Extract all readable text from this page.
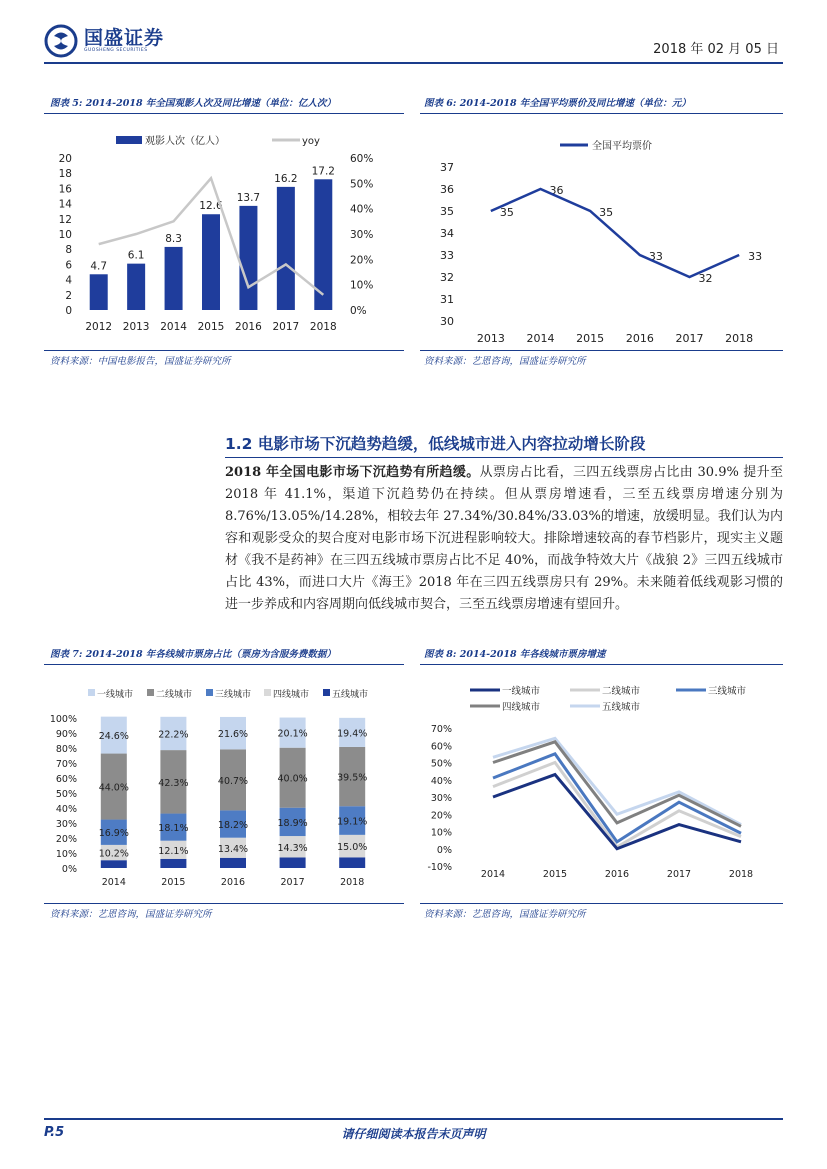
国盛证券
GUOSHENG SECURITIES	2018 年 02 月 05 日
图表 5: 2014-2018 年全国观影人次及同比增速（单位：亿人次）	图表 6: 2014-2018 年全国平均票价及同比增速（单位：元）
观影人次（亿人）	yoy
0
2
4
6
8
10
12
14
16
18
20
0%
10%
20%
30%
40%
50%
60%
4.7
2012
6.1
2013
8.3
2014
12.6
2015
13.7
2016
16.2
2017
17.2
2018
全国平均票价
30
31
32
33
34
35
36
37
2013
35
2014
36
2015
35
2016
33
2017
32
2018
33
资料来源：中国电影报告，国盛证券研究所	资料来源：艺恩咨询，国盛证券研究所
1.2 电影市场下沉趋势趋缓，低线城市进入内容拉动增长阶段
2018 年全国电影市场下沉趋势有所趋缓。从票房占比看，三四五线票房占比由 30.9% 提升至 2018 年 41.1%，渠道下沉趋势仍在持续。但从票房增速看，三至五线票房增速分别为 8.76%/13.05%/14.28%，相较去年 27.34%/30.84%/33.03%的增速，放缓明显。我们认为内容和观影受众的契合度对电影市场下沉进程影响较大。排除增速较高的春节档影片，现实主义题材《我不是药神》在三四五线城市票房占比不足 40%，而战争特效大片《战狼 2》三四五线城市占比 43%，而进口大片《海王》2018 年在三四五线票房只有 29%。未来随着低线观影习惯的进一步养成和内容周期向低线城市契合，三至五线票房增速有望回升。
图表 7: 2014-2018 年各线城市票房占比（票房为含服务费数据）	图表 8: 2014-2018 年各线城市票房增速
一线城市	二线城市	三线城市 四线城市	五线城市
0%
10%
20%
30%
40%
50%
60%
70%
80%
90%
100%
10.2%
16.9%
44.0%
24.6%
2014
12.1%
18.1%
42.3%
22.2%
2015
13.4%
18.2%
40.7%
21.6%
2016
14.3%
18.9%
40.0%
20.1%
2017
15.0%
19.1%
39.5%
19.4%
2018
一线城市	二线城市	三线城市
四线城市	五线城市
-10%
0%
10%
20%
30%
40%
50%
60%
70%
2014	2015	2016	2017	2018
资料来源：艺恩咨询，国盛证券研究所	资料来源：艺恩咨询，国盛证券研究所
P.5	请仔细阅读本报告末页声明
